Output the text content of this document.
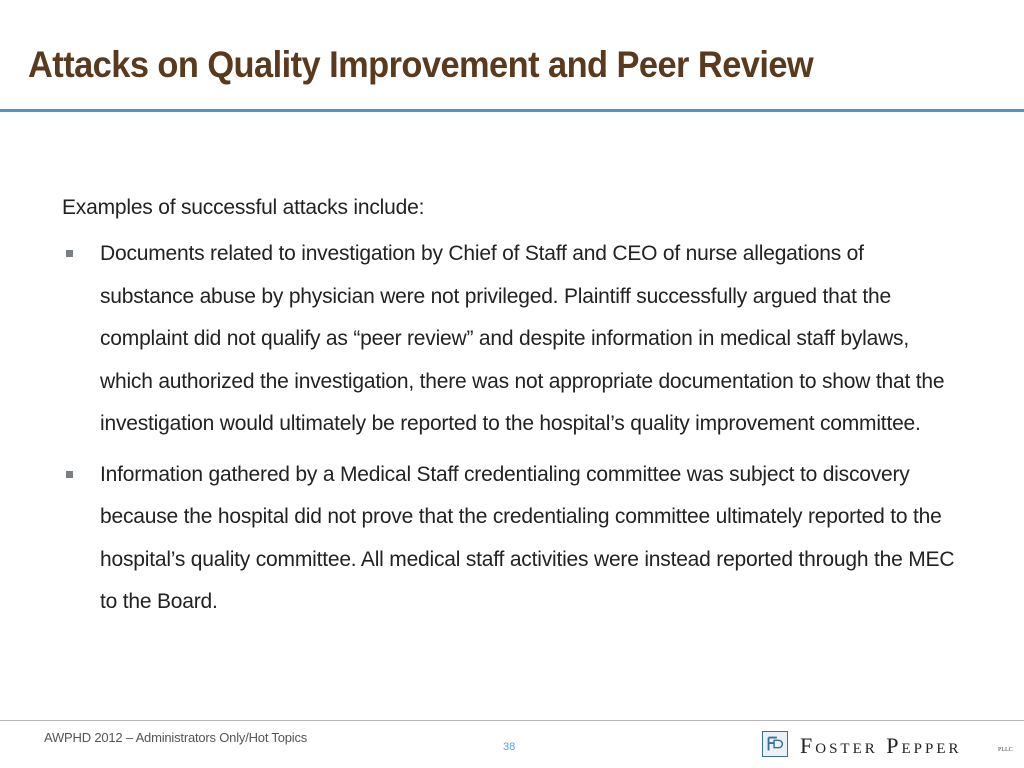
Attacks on Quality Improvement and Peer Review

Examples of successful attacks include:

Documents related to investigation by Chief of Staff and CEO of nurse allegations of substance abuse by physician were not privileged. Plaintiff successfully argued that the complaint did not qualify as “peer review” and despite information in medical staff bylaws, which authorized the investigation, there was not appropriate documentation to show that the investigation would ultimately be reported to the hospital’s quality improvement committee.
Information gathered by a Medical Staff credentialing committee was subject to discovery because the hospital did not prove that the credentialing committee ultimately reported to the hospital’s quality committee. All medical staff activities were instead reported through the MEC to the Board.
AWPHD 2012 – Administrators Only/Hot Topics
38	Foster Pepper	PLLC
